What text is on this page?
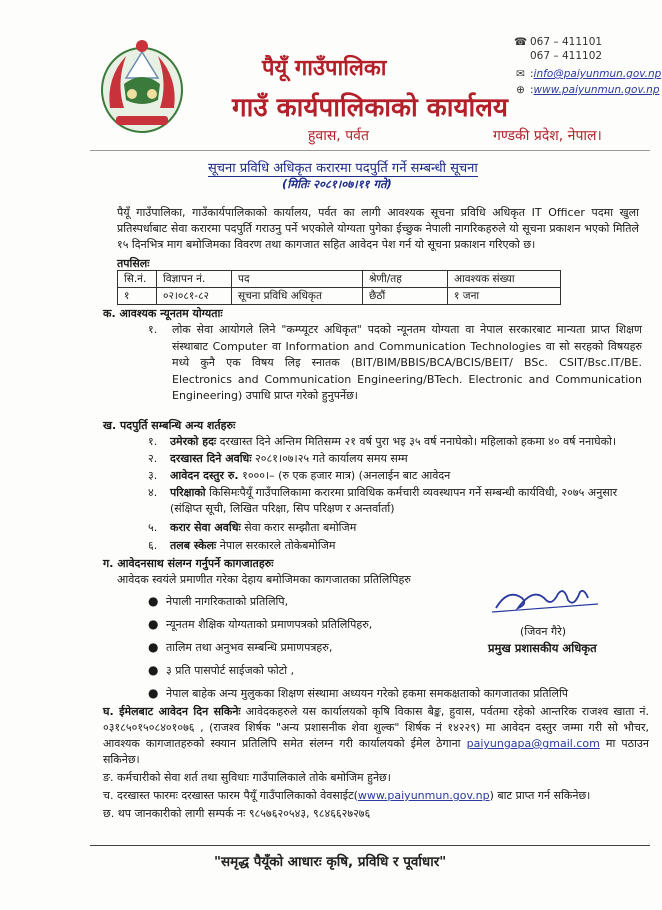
पैयूँ गाउँपालिका
गाउँ कार्यपालिकाको कार्यालय
हुवास, पर्वत	गण्डकी प्रदेश, नेपाल।
☎ 067 – 411101
067 – 411102
✉ :info@paiyunmun.gov.np
⊕ :www.paiyunmun.gov.np
सूचना प्रविधि अधिकृत करारमा पदपुर्ति गर्ने सम्बन्धी सूचना
(मितिः २०८१।०७।११ गते)
पैयूँ गाउँपालिका, गाउँकार्यपालिकाको कार्यालय, पर्वत का लागी आवश्यक सूचना प्रविधि अधिकृत IT Officer पदमा खुला प्रतिस्पर्धाबाट सेवा करारमा पदपुर्ति गराउनु पर्ने भएकोले योग्यता पुगेका ईच्छुक नेपाली नागरिकहरुले यो सूचना प्रकाशन भएको मितिले १५ दिनभित्र माग बमोजिमका विवरण तथा कागजात सहित आवेदन पेश गर्न यो सूचना प्रकाशन गरिएको छ।
तपसिलः
सि.नं.	विज्ञापन नं.	पद	श्रेणी/तह	आवश्यक संख्या
१	०२।०८१-८२	सूचना प्रविधि अधिकृत	छैठौं	१ जना
क. आवश्यक न्यूनतम योग्यताः
१. लोक सेवा आयोगले लिने "कम्प्यूटर अधिकृत" पदको न्यूनतम योग्यता वा नेपाल सरकारबाट मान्यता प्राप्त शिक्षण संस्थाबाट Computer वा Information and Communication Technologies वा सो सरहको विषयहरु मध्ये कुनै एक विषय लिइ स्नातक (BIT/BIM/BBIS/BCA/BCIS/BEIT/ BSc. CSIT/Bsc.IT/BE. Electronics and Communication Engineering/BTech. Electronic and Communication Engineering) उपाधि प्राप्त गरेको हुनुपर्नेछ।
ख. पदपुर्ति सम्बन्धि अन्य शर्तहरुः
१. उमेरको हदः दरखास्त दिने अन्तिम मितिसम्म २१ वर्ष पुरा भइ ३५ वर्ष ननाघेको। महिलाको हकमा ४० वर्ष ननाघेको।
२. दरखास्त दिने अवधिः २०८१।०७।२५ गते कार्यालय समय सम्म
३. आवेदन दस्तुर रु. १०००।– (रु एक हजार मात्र) (अनलाईन बाट आवेदन
४. परिक्षाको किसिमःपैयूँ गाउँपालिकामा करारमा प्राविधिक कर्मचारी व्यवस्थापन गर्ने सम्बन्धी कार्यविधी, २०७५ अनुसार
(संक्षिप्त सूची, लिखित परिक्षा, सिप परिक्षण र अन्तर्वार्ता)
५. करार सेवा अवधिः सेवा करार सम्झौता बमोजिम
६. तलब स्केलः नेपाल सरकारले तोकेबमोजिम
ग. आवेदनसाथ संलग्न गर्नुपर्ने कागजातहरुः
आवेदक स्वयंले प्रमाणीत गरेका देहाय बमोजिमका कागजातका प्रतिलिपिहरु
● नेपाली नागरिकताको प्रतिलिपि,
● न्यूनतम शैक्षिक योग्यताको प्रमाणपत्रको प्रतिलिपिहरु,
● तालिम तथा अनुभव सम्बन्धि प्रमाणपत्रहरु,
● ३ प्रति पासपोर्ट साईजको फोटो ,
● नेपाल बाहेक अन्य मुलुकका शिक्षण संस्थामा अध्ययन गरेको हकमा समकक्षताको कागजातका प्रतिलिपि
(जिवन गैरे)
प्रमुख प्रशासकीय अधिकृत
घ. ईमेलबाट आवेदन दिन सकिनेः आवेदकहरुले यस कार्यालयको कृषि विकास बैङ्क, हुवास, पर्वतमा रहेको आन्तरिक राजश्व खाता नं. ०३१८५०१५०८४०१०७६ , (राजश्व शिर्षक "अन्य प्रशासनीक शेवा शुल्क" शिर्षक नं १४२२९) मा आवेदन दस्तुर जम्मा गरी सो भौचर, आवश्यक कागजातहरुको स्क्यान प्रतिलिपि समेत संलग्न गरी कार्यालयको ईमेल ठेगाना paiyungapa@gmail.com मा पठाउन सकिनेछ।
ङ. कर्मचारीको सेवा शर्त तथा सुविधाः गाउँपालिकाले तोके बमोजिम हुनेछ।
च. दरखास्त फारमः दरखास्त फारम पैयूँ गाउँपालिकाको वेवसाईट(www.paiyunmun.gov.np) बाट प्राप्त गर्न सकिनेछ।
छ. थप जानकारीको लागी सम्पर्क नः ९८५७६२०५४३, ९८४६६२७२७६
"समृद्ध पैयूँको आधारः कृषि, प्रविधि र पूर्वाधार"
